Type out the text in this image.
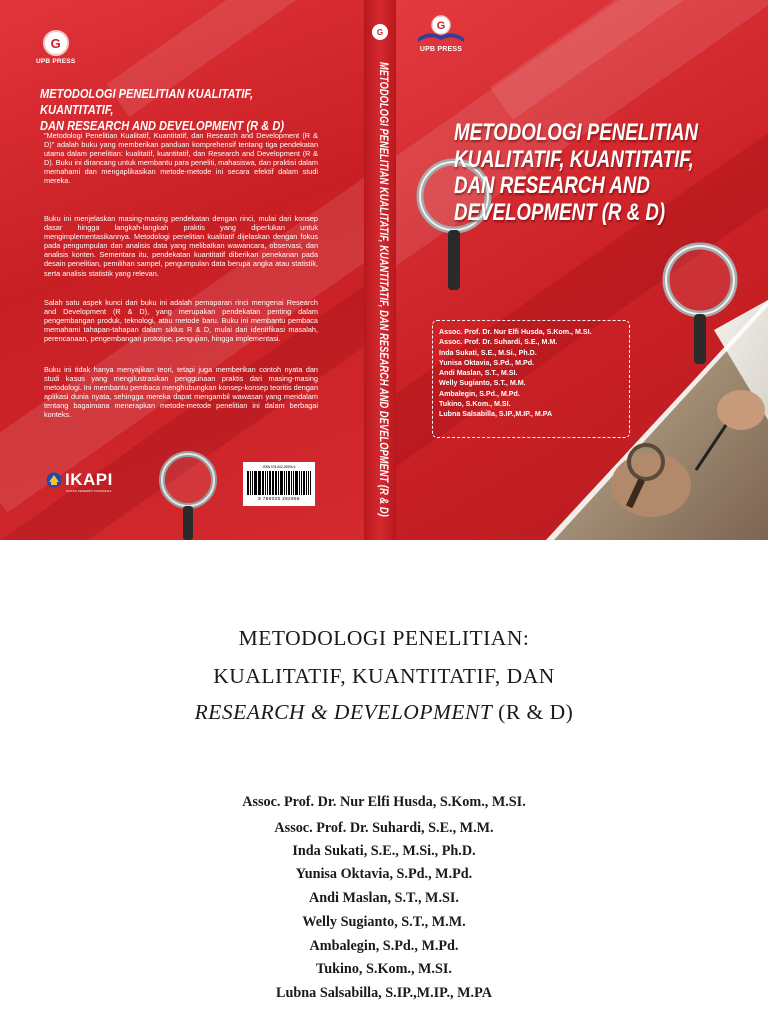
G
UPB PRESS
METODOLOGI PENELITIAN KUALITATIF, KUANTITATIF,
DAN RESEARCH AND DEVELOPMENT (R & D)
"Metodologi Penelitian Kualitatif, Kuantitatif, dan Research and Development (R & D)" adalah buku yang memberikan panduan komprehensif tentang tiga pendekatan utama dalam penelitian: kualitatif, kuantitatif, dan Research and Development (R & D). Buku ini dirancang untuk membantu para peneliti, mahasiswa, dan praktisi dalam memahami dan mengaplikasikan metode-metode ini secara efektif dalam studi mereka.
Buku ini menjelaskan masing-masing pendekatan dengan rinci, mulai dari konsep dasar hingga langkah-langkah praktis yang diperlukan untuk mengimplementasikannya. Metodologi penelitian kualitatif dijelaskan dengan fokus pada pengumpulan dan analisis data yang melibatkan wawancara, observasi, dan analisis konten. Sementara itu, pendekatan kuantitatif diberikan penekanan pada desain penelitian, pemilihan sampel, pengumpulan data berupa angka atau statistik, serta analisis statistik yang relevan.
Salah satu aspek kunci dari buku ini adalah pemaparan rinci mengenai Research and Development (R & D), yang merupakan pendekatan penting dalam pengembangan produk, teknologi, atau metode baru. Buku ini membantu pembaca memahami tahapan-tahapan dalam siklus R & D, mulai dari identifikasi masalah, perencanaan, pengembangan prototipe, pengujian, hingga implementasi.
Buku ini tidak hanya menyajikan teori, tetapi juga memberikan contoh nyata dan studi kasus yang mengilustrasikan penggunaan praktis dari masing-masing metodologi. Ini membantu pembaca menghubungkan konsep-konsep teoritis dengan aplikasi dunia nyata, sehingga mereka dapat mengambil wawasan yang mendalam tentang bagaimana menerapkan metode-metode penelitian ini dalam berbagai konteks.
IKAPI
IKATAN PENERBIT INDONESIA
ISBN 978-602-26906-6
9 786026 282966
G
METODOLOGI PENELITIAN KUALITATIF, KUANTITATIF, DAN RESEARCH AND DEVELOPMENT (R & D)
G
UPB PRESS
METODOLOGI PENELITIAN
KUALITATIF, KUANTITATIF,
DAN RESEARCH AND
DEVELOPMENT (R & D)
Assoc. Prof. Dr. Nur Elfi Husda, S.Kom., M.SI.
Assoc. Prof. Dr. Suhardi, S.E., M.M.
Inda Sukati, S.E., M.Si., Ph.D.
Yunisa Oktavia, S.Pd., M.Pd.
Andi Maslan, S.T., M.SI.
Welly Sugianto, S.T., M.M.
Ambalegin, S.Pd., M.Pd.
Tukino, S.Kom., M.SI.
Lubna Salsabilla, S.IP.,M.IP., M.PA
METODOLOGI PENELITIAN:
KUALITATIF, KUANTITATIF, DAN
RESEARCH & DEVELOPMENT (R & D)
Assoc. Prof. Dr. Nur Elfi Husda, S.Kom., M.SI.
Assoc. Prof. Dr. Suhardi, S.E., M.M.
Inda Sukati, S.E., M.Si., Ph.D.
Yunisa Oktavia, S.Pd., M.Pd.
Andi Maslan, S.T., M.SI.
Welly Sugianto, S.T., M.M.
Ambalegin, S.Pd., M.Pd.
Tukino, S.Kom., M.SI.
Lubna Salsabilla, S.IP.,M.IP., M.PA
